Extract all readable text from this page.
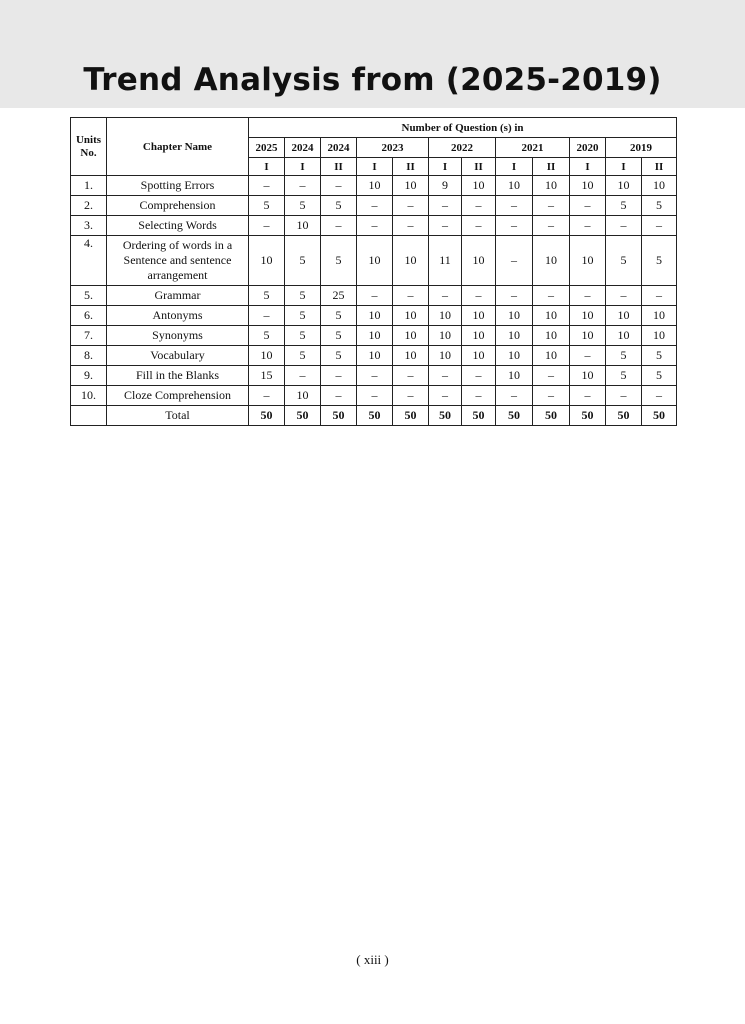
Trend Analysis from (2025-2019)
Units
No.	Chapter Name	Number of Question (s) in											
		2025	2024	2024	2023		2022		2021		2020	2019	
		I	I	II	I	II	I	II	I	II	I	I	II
1.	Spotting Errors	–	–	–	10	10	9	10	10	10	10	10	10
2.	Comprehension	5	5	5	–	–	–	–	–	–	–	5	5
3.	Selecting Words	–	10	–	–	–	–	–	–	–	–	–	–
4.	Ordering of words in a Sentence and sentence arrangement	10	5	5	10	10	11	10	–	10	10	5	5
5.	Grammar	5	5	25	–	–	–	–	–	–	–	–	–
6.	Antonyms	–	5	5	10	10	10	10	10	10	10	10	10
7.	Synonyms	5	5	5	10	10	10	10	10	10	10	10	10
8.	Vocabulary	10	5	5	10	10	10	10	10	10	–	5	5
9.	Fill in the Blanks	15	–	–	–	–	–	–	10	–	10	5	5
10.	Cloze Comprehension	–	10	–	–	–	–	–	–	–	–	–	–
	Total	50	50	50	50	50	50	50	50	50	50	50	50
( xiii )
